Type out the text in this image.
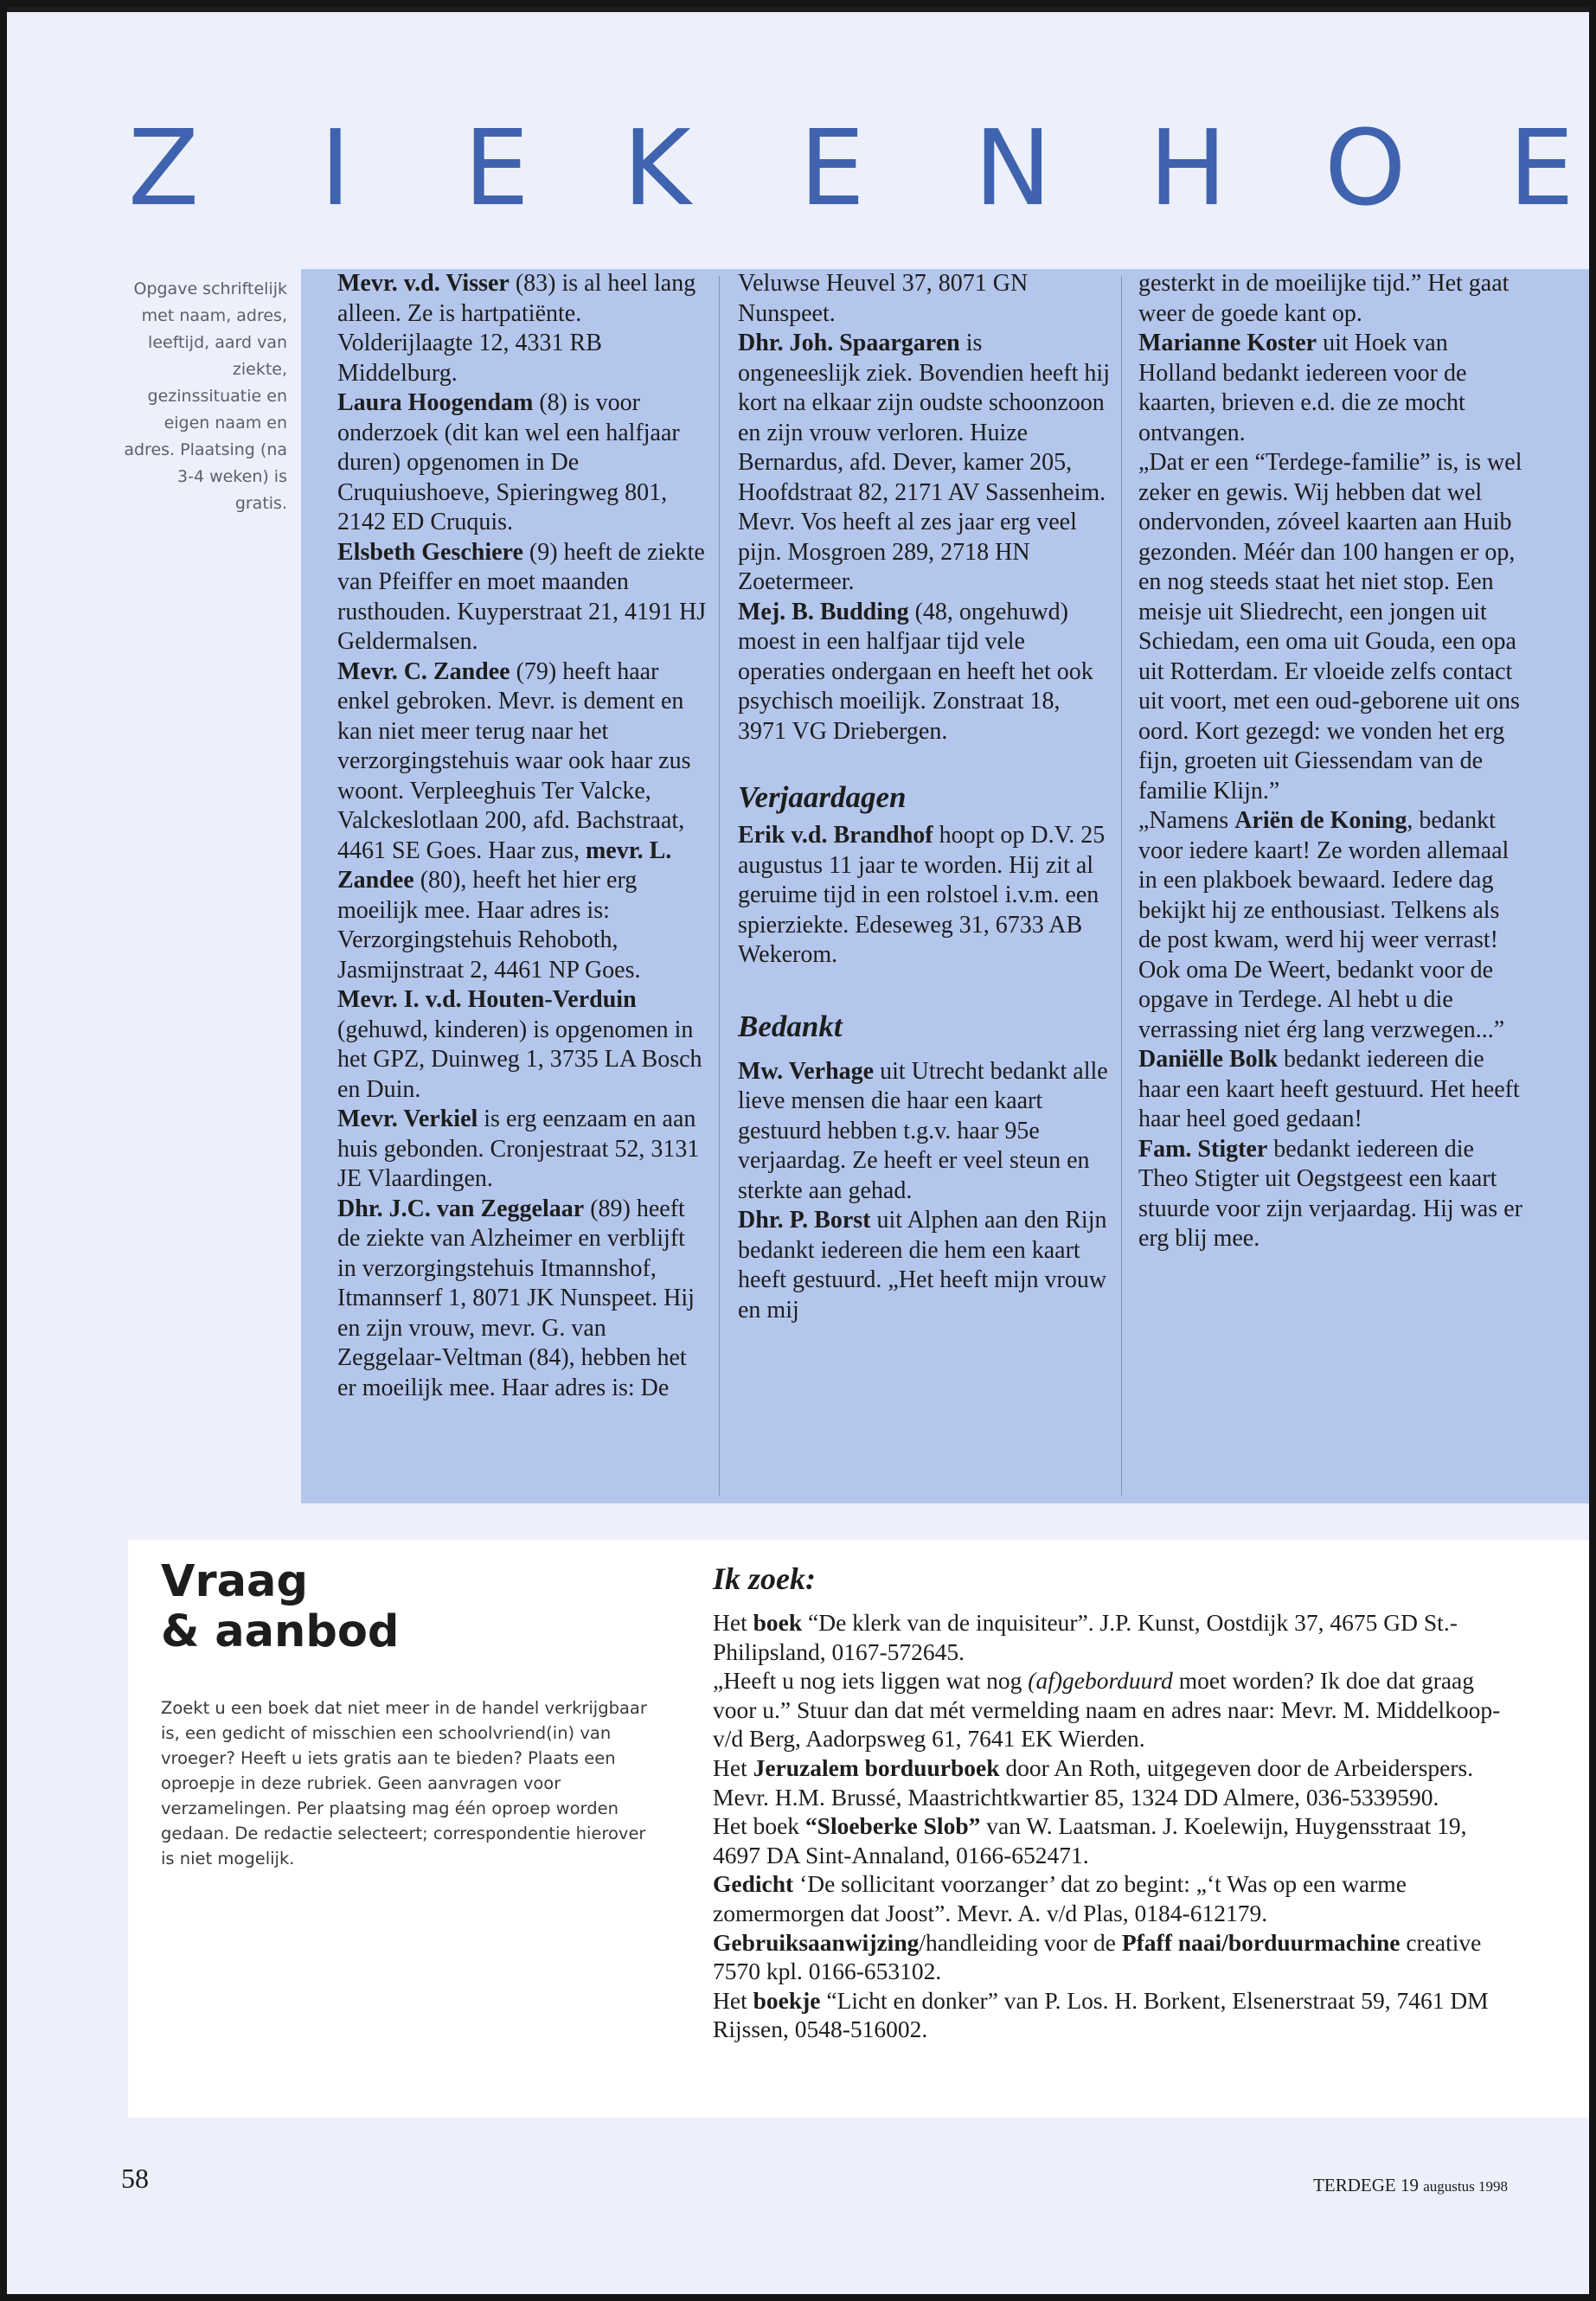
Z I E K E N H O E
Opgave schriftelijk met naam, adres, leeftijd, aard van ziekte, gezinssituatie en eigen naam en adres. Plaatsing (na 3-4 weken) is gratis.

Mevr. v.d. Visser (83) is al heel lang alleen. Ze is hartpatiënte. Volderijlaagte 12, 4331 RB Middelburg.

Laura Hoogendam (8) is voor onderzoek (dit kan wel een halfjaar duren) opgenomen in De Cruquiushoeve, Spieringweg 801, 2142 ED Cruquis.

Elsbeth Geschiere (9) heeft de ziekte van Pfeiffer en moet maanden rusthouden. Kuyperstraat 21, 4191 HJ Geldermalsen.

Mevr. C. Zandee (79) heeft haar enkel gebroken. Mevr. is dement en kan niet meer terug naar het verzorgingstehuis waar ook haar zus woont. Verpleeghuis Ter Valcke, Valckeslotlaan 200, afd. Bachstraat, 4461 SE Goes. Haar zus, mevr. L. Zandee (80), heeft het hier erg moeilijk mee. Haar adres is: Verzorgingstehuis Rehoboth, Jasmijnstraat 2, 4461 NP Goes.

Mevr. I. v.d. Houten-Verduin (gehuwd, kinderen) is opgenomen in het GPZ, Duinweg 1, 3735 LA Bosch en Duin.

Mevr. Verkiel is erg eenzaam en aan huis gebonden. Cronjestraat 52, 3131 JE Vlaardingen.

Dhr. J.C. van Zeggelaar (89) heeft de ziekte van Alzheimer en verblijft in verzorgingstehuis Itmannshof, Itmannserf 1, 8071 JK Nunspeet. Hij en zijn vrouw, mevr. G. van Zeggelaar-Veltman (84), hebben het er moeilijk mee. Haar adres is: De

Veluwse Heuvel 37, 8071 GN Nunspeet.

Dhr. Joh. Spaargaren is ongeneeslijk ziek. Bovendien heeft hij kort na elkaar zijn oudste schoonzoon en zijn vrouw verloren. Huize Bernardus, afd. Dever, kamer 205, Hoofdstraat 82, 2171 AV Sassenheim.

Mevr. Vos heeft al zes jaar erg veel pijn. Mosgroen 289, 2718 HN Zoetermeer.

Mej. B. Budding (48, ongehuwd) moest in een halfjaar tijd vele operaties ondergaan en heeft het ook psychisch moeilijk. Zonstraat 18, 3971 VG Driebergen.

Verjaardagen

Erik v.d. Brandhof hoopt op D.V. 25 augustus 11 jaar te worden. Hij zit al geruime tijd in een rolstoel i.v.m. een spierziekte. Edeseweg 31, 6733 AB Wekerom.

Bedankt

Mw. Verhage uit Utrecht bedankt alle lieve mensen die haar een kaart gestuurd hebben t.g.v. haar 95e verjaardag. Ze heeft er veel steun en sterkte aan gehad.

Dhr. P. Borst uit Alphen aan den Rijn bedankt iedereen die hem een kaart heeft gestuurd. „Het heeft mijn vrouw en mij

gesterkt in de moeilijke tijd.” Het gaat weer de goede kant op.

Marianne Koster uit Hoek van Holland bedankt iedereen voor de kaarten, brieven e.d. die ze mocht ontvangen.

„Dat er een “Terdege-familie” is, is wel zeker en gewis. Wij hebben dat wel ondervonden, zóveel kaarten aan Huib gezonden. Méér dan 100 hangen er op, en nog steeds staat het niet stop. Een meisje uit Sliedrecht, een jongen uit Schiedam, een oma uit Gouda, een opa uit Rotterdam. Er vloeide zelfs contact uit voort, met een oud-geborene uit ons oord. Kort gezegd: we vonden het erg fijn, groeten uit Giessendam van de familie Klijn.”

„Namens Ariën de Koning, bedankt voor iedere kaart! Ze worden allemaal in een plakboek bewaard. Iedere dag bekijkt hij ze enthousiast. Telkens als de post kwam, werd hij weer verrast! Ook oma De Weert, bedankt voor de opgave in Terdege. Al hebt u die verrassing niet érg lang verzwegen...”

Daniëlle Bolk bedankt iedereen die haar een kaart heeft gestuurd. Het heeft haar heel goed gedaan!

Fam. Stigter bedankt iedereen die Theo Stigter uit Oegstgeest een kaart stuurde voor zijn verjaardag. Hij was er erg blij mee.

Vraag
& aanbod
Zoekt u een boek dat niet meer in de handel verkrijgbaar is, een gedicht of misschien een schoolvriend(in) van vroeger? Heeft u iets gratis aan te bieden? Plaats een oproepje in deze rubriek. Geen aanvragen voor verzamelingen. Per plaatsing mag één oproep worden gedaan. De redactie selecteert; correspondentie hierover is niet mogelijk.
Ik zoek:

Het boek “De klerk van de inquisiteur”. J.P. Kunst, Oostdijk 37, 4675 GD St.-Philipsland, 0167-572645.

„Heeft u nog iets liggen wat nog (af)geborduurd moet worden? Ik doe dat graag voor u.” Stuur dan dat mét vermelding naam en adres naar: Mevr. M. Middelkoop-v/d Berg, Aadorpsweg 61, 7641 EK Wierden.

Het Jeruzalem borduurboek door An Roth, uitgegeven door de Arbeiderspers. Mevr. H.M. Brussé, Maastrichtkwartier 85, 1324 DD Almere, 036-5339590.

Het boek “Sloeberke Slob” van W. Laatsman. J. Koelewijn, Huygensstraat 19, 4697 DA Sint-Annaland, 0166-652471.

Gedicht ‘De sollicitant voorzanger’ dat zo begint: „‘t Was op een warme zomermorgen dat Joost”. Mevr. A. v/d Plas, 0184-612179.

Gebruiksaanwijzing/handleiding voor de Pfaff naai/borduurmachine creative 7570 kpl. 0166-653102.

Het boekje “Licht en donker” van P. Los. H. Borkent, Elsenerstraat 59, 7461 DM Rijssen, 0548-516002.

58	TERDEGE 19 augustus 1998
